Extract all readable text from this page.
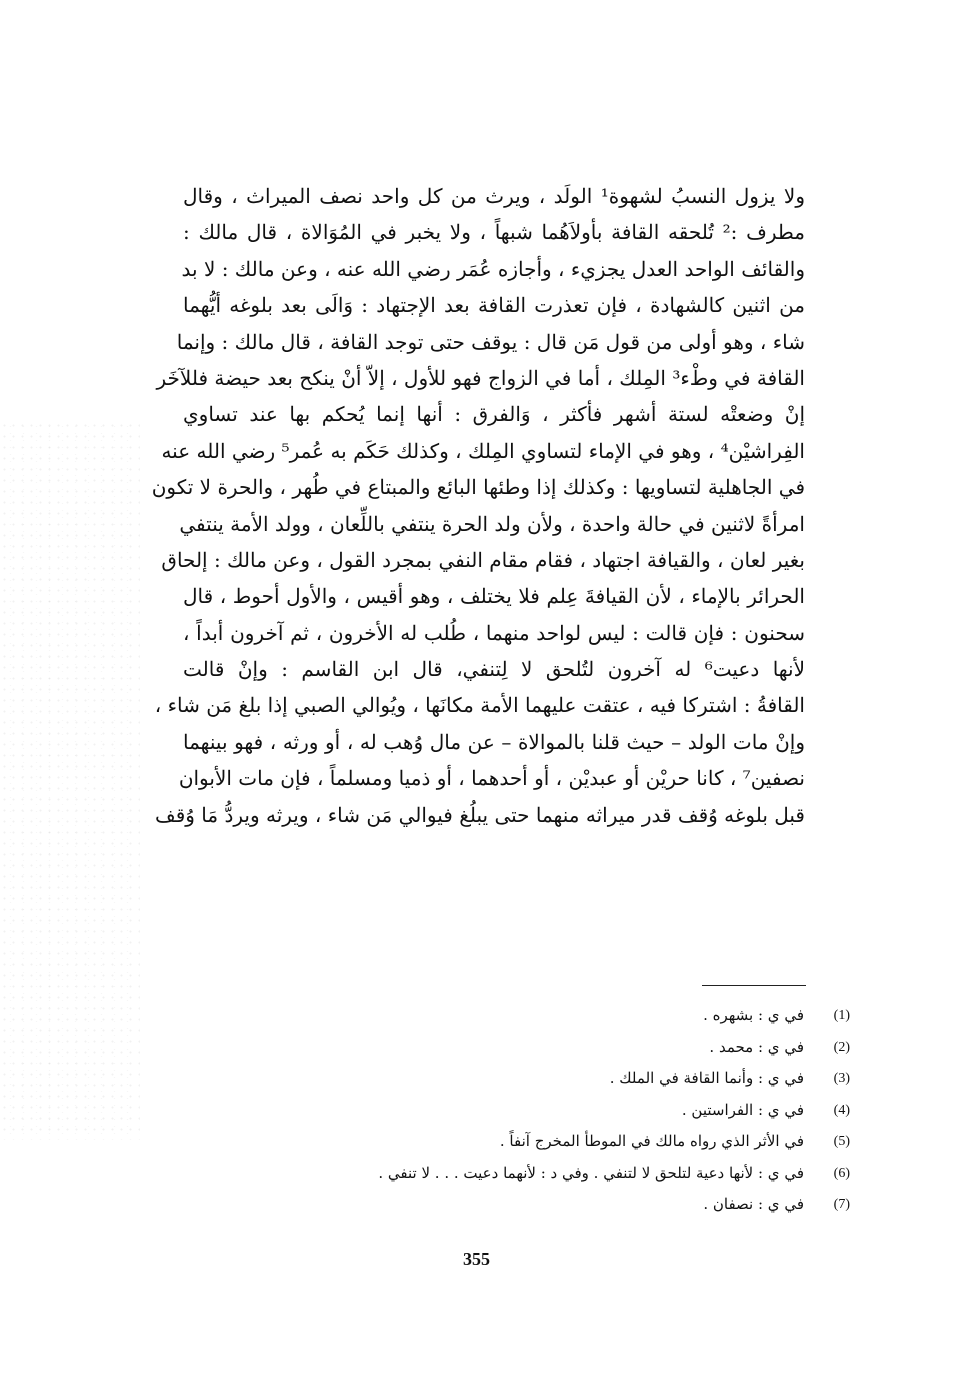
ولا يزول النسبُ لشهوة¹ الولَد ، ويرث من كل واحد نصف الميراث ، وقال
مطرف :² تُلحقه القافة بأولاَهُما شبهاً ، ولا يخبر في المُوَالاة ، قال مالك :
والقائف الواحد العدل يجزيء ، وأجازه عُمَر رضي الله عنه ، وعن مالك : لا بد
من اثنين كالشهادة ، فإن تعذرت القافة بعد الإجتهاد : وَالَى بعد بلوغه أيُّهما
شاء ، وهو أولى من قول مَن قال : يوقف حتى توجد القافة ، قال مالك : وإنما
القافة في وطْء³ المِلك ، أما في الزواج فهو للأول ، إلاّ أنْ ينكح بعد حيضة فللآخَر
إنْ وضعتْه لستة أشهر فأكثر ، وَالفرق : أنها إنما يُحكم بها عند تساوي
الفِراشيْن⁴ ، وهو في الإماء لتساوي المِلك ، وكذلك حَكَم به عُمر⁵ رضي الله عنه
في الجاهلية لتساويها : وكذلك إذا وطئها البائع والمبتاع في طُهر ، والحرة لا تكون
امرأةً لاثنين في حالة واحدة ، ولأن ولد الحرة ينتفي باللِّعان ، وولد الأمة ينتفي
بغير لعان ، والقيافة اجتهاد ، فقام مقام النفي بمجرد القول ، وعن مالك : إلحاق
الحرائر بالإماء ، لأن القيافةَ عِلم فلا يختلف ، وهو أقيس ، والأول أحوط ، قال
سحنون : فإن قالت : ليس لواحد منهما ، طُلب له الأخرون ، ثم آخرون أبداً ،
لأنها دعيت⁶ له آخرون لتُلحق لا لِتنفي، قال ابن القاسم : وإنْ قالت
القافةُ : اشتركا فيه ، عتقت عليهما الأمة مكانَها ، ويُوالي الصبي إذا بلغ مَن شاء ،
وإنْ مات الولد – حيث قلنا بالموالاة – عن مال وُهب له ، أو ورثه ، فهو بينهما
نصفين⁷ ، كانا حريْن أو عبديْن ، أو أحدهما ، أو ذميا ومسلماً ، فإن مات الأبوان
قبل بلوغه وُقف قدر ميراثه منهما حتى يبلُغ فيوالي مَن شاء ، ويرثه ويردُّ مَا وُقف
(1)
في ي : بشهره .
(2)
في ي : محمد .
(3)
في ي : وأنما القافة في الملك .
(4)
في ي : الفراستين .
(5)
في الأثر الذي رواه مالك في الموطأ المخرج آنفاً .
(6)
في ي : لأنها دعية لتلحق لا لتنفي . وفي د : لأنهما دعيت . . . لا تنفي .
(7)
في ي : نصفان .
355
